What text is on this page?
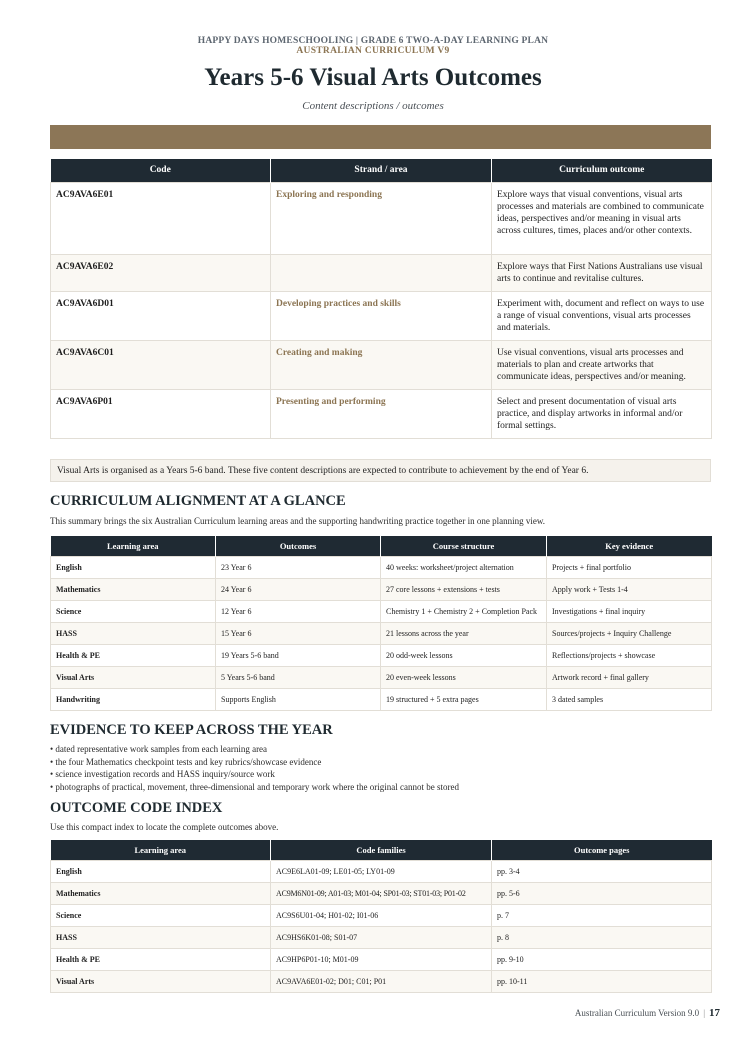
HAPPY DAYS HOMESCHOOLING | GRADE 6 TWO-A-DAY LEARNING PLAN
AUSTRALIAN CURRICULUM V9
Years 5-6 Visual Arts Outcomes
Content descriptions / outcomes
Code	Strand / area	Curriculum outcome
AC9AVA6E01	Exploring and responding	Explore ways that visual conventions, visual arts processes and materials are combined to communicate ideas, perspectives and/or meaning in visual arts across cultures, times, places and/or other contexts.
AC9AVA6E02		Explore ways that First Nations Australians use visual arts to continue and revitalise cultures.
AC9AVA6D01	Developing practices and skills	Experiment with, document and reflect on ways to use a range of visual conventions, visual arts processes and materials.
AC9AVA6C01	Creating and making	Use visual conventions, visual arts processes and materials to plan and create artworks that communicate ideas, perspectives and/or meaning.
AC9AVA6P01	Presenting and performing	Select and present documentation of visual arts practice, and display artworks in informal and/or formal settings.
Visual Arts is organised as a Years 5-6 band. These five content descriptions are expected to contribute to achievement by the end of Year 6.
CURRICULUM ALIGNMENT AT A GLANCE
This summary brings the six Australian Curriculum learning areas and the supporting handwriting practice together in one planning view.
Learning area	Outcomes	Course structure	Key evidence
English	23 Year 6	40 weeks: worksheet/project alternation	Projects + final portfolio
Mathematics	24 Year 6	27 core lessons + extensions + tests	Apply work + Tests 1-4
Science	12 Year 6	Chemistry 1 + Chemistry 2 + Completion Pack	Investigations + final inquiry
HASS	15 Year 6	21 lessons across the year	Sources/projects + Inquiry Challenge
Health & PE	19 Years 5-6 band	20 odd-week lessons	Reflections/projects + showcase
Visual Arts	5 Years 5-6 band	20 even-week lessons	Artwork record + final gallery
Handwriting	Supports English	19 structured + 5 extra pages	3 dated samples
EVIDENCE TO KEEP ACROSS THE YEAR
• dated representative work samples from each learning area
• the four Mathematics checkpoint tests and key rubrics/showcase evidence
• science investigation records and HASS inquiry/source work
• photographs of practical, movement, three-dimensional and temporary work where the original cannot be stored
OUTCOME CODE INDEX
Use this compact index to locate the complete outcomes above.
Learning area	Code families	Outcome pages
English	AC9E6LA01-09; LE01-05; LY01-09	pp. 3-4
Mathematics	AC9M6N01-09; A01-03; M01-04; SP01-03; ST01-03; P01-02	pp. 5-6
Science	AC9S6U01-04; H01-02; I01-06	p. 7
HASS	AC9HS6K01-08; S01-07	p. 8
Health & PE	AC9HP6P01-10; M01-09	pp. 9-10
Visual Arts	AC9AVA6E01-02; D01; C01; P01	pp. 10-11
Australian Curriculum Version 9.0 | 17
